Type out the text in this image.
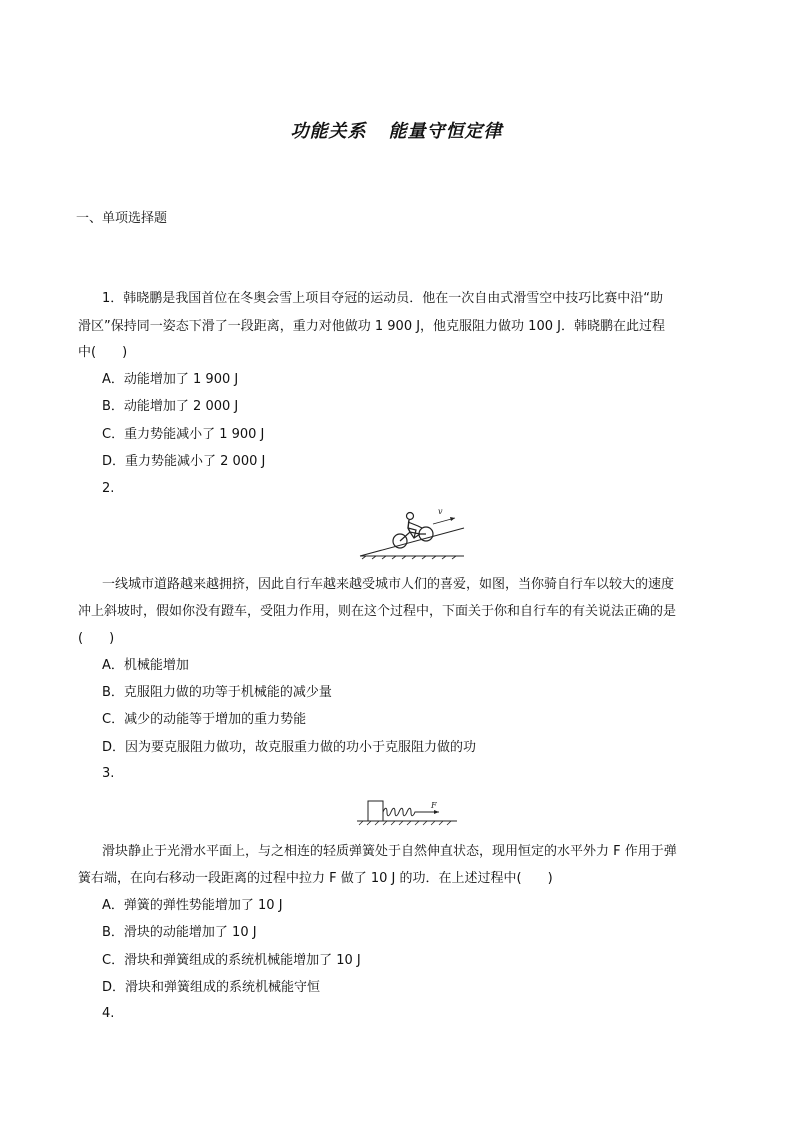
功能关系 能量守恒定律
一、单项选择题
1．韩晓鹏是我国首位在冬奥会雪上项目夺冠的运动员．他在一次自由式滑雪空中技巧比赛中沿“助
滑区”保持同一姿态下滑了一段距离，重力对他做功 1 900 J，他克服阻力做功 100 J．韩晓鹏在此过程
中(　　)
A．动能增加了 1 900 J
B．动能增加了 2 000 J
C．重力势能减小了 1 900 J
D．重力势能减小了 2 000 J
2.
v
一线城市道路越来越拥挤，因此自行车越来越受城市人们的喜爱，如图，当你骑自行车以较大的速度
冲上斜坡时，假如你没有蹬车，受阻力作用，则在这个过程中，下面关于你和自行车的有关说法正确的是
(　　)
A．机械能增加
B．克服阻力做的功等于机械能的减少量
C．减少的动能等于增加的重力势能
D．因为要克服阻力做功，故克服重力做的功小于克服阻力做的功
3.
F
滑块静止于光滑水平面上，与之相连的轻质弹簧处于自然伸直状态，现用恒定的水平外力 F 作用于弹
簧右端，在向右移动一段距离的过程中拉力 F 做了 10 J 的功．在上述过程中(　　)
A．弹簧的弹性势能增加了 10 J
B．滑块的动能增加了 10 J
C．滑块和弹簧组成的系统机械能增加了 10 J
D．滑块和弹簧组成的系统机械能守恒
4.
